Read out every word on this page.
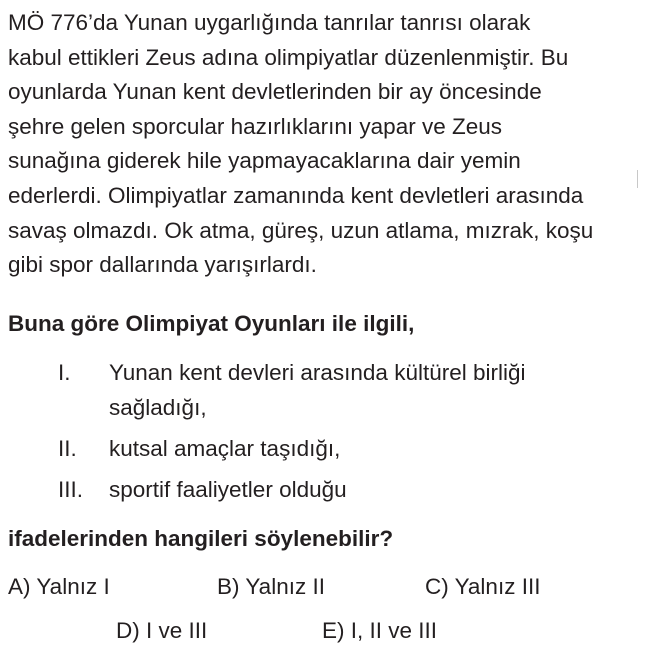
MÖ 776’da Yunan uygarlığında tanrılar tanrısı olarak
kabul ettikleri Zeus adına olimpiyatlar düzenlenmiştir. Bu
oyunlarda Yunan kent devletlerinden bir ay öncesinde
şehre gelen sporcular hazırlıklarını yapar ve Zeus
sunağına giderek hile yapmayacaklarına dair yemin
ederlerdi. Olimpiyatlar zamanında kent devletleri arasında
savaş olmazdı. Ok atma, güreş, uzun atlama, mızrak, koşu
gibi spor dallarında yarışırlardı.

Buna göre Olimpiyat Oyunları ile ilgili,

I. Yunan kent devleri arasında kültürel birliği
sağladığı,
II. kutsal amaçlar taşıdığı,
III. sportif faaliyetler olduğu

ifadelerinden hangileri söylenebilir?

A) Yalnız I	B) Yalnız II	C) Yalnız III
D) I ve III	E) I, II ve III
